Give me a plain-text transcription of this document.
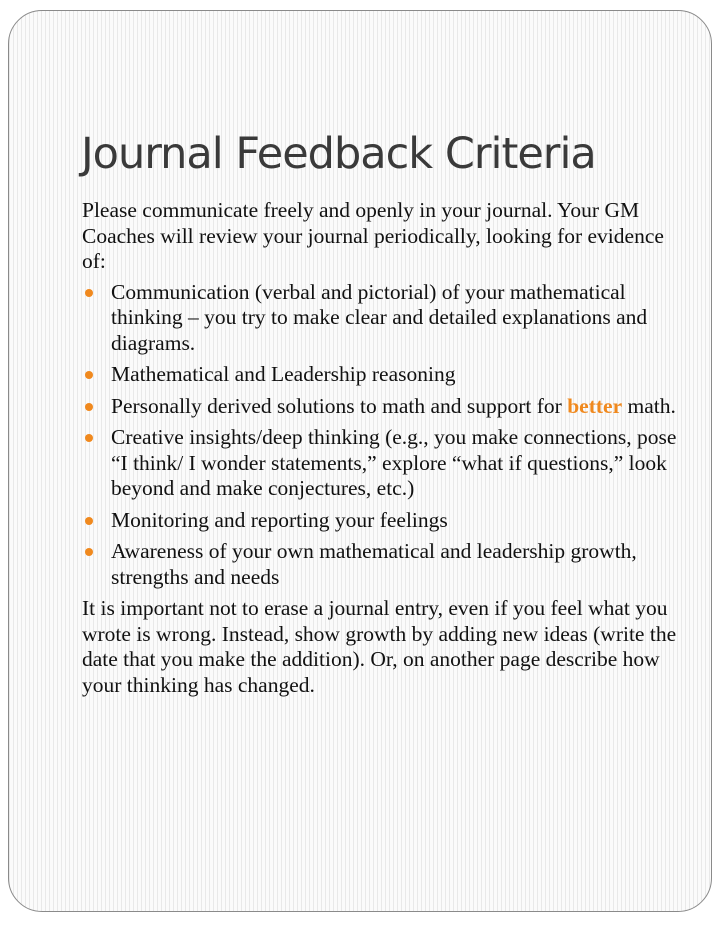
Journal Feedback Criteria

Please communicate freely and openly in your journal. Your GM Coaches will review your journal periodically, looking for evidence of:

Communication (verbal and pictorial) of your mathematical thinking – you try to make clear and detailed explanations and diagrams.
Mathematical and Leadership reasoning
Personally derived solutions to math and support for better math.
Creative insights/deep thinking (e.g., you make connections, pose “I think/ I wonder statements,” explore “what if questions,” look beyond and make conjectures, etc.)
Monitoring and reporting your feelings
Awareness of your own mathematical and leadership growth, strengths and needs

It is important not to erase a journal entry, even if you feel what you wrote is wrong. Instead, show growth by adding new ideas (write the date that you make the addition). Or, on another page describe how your thinking has changed.
